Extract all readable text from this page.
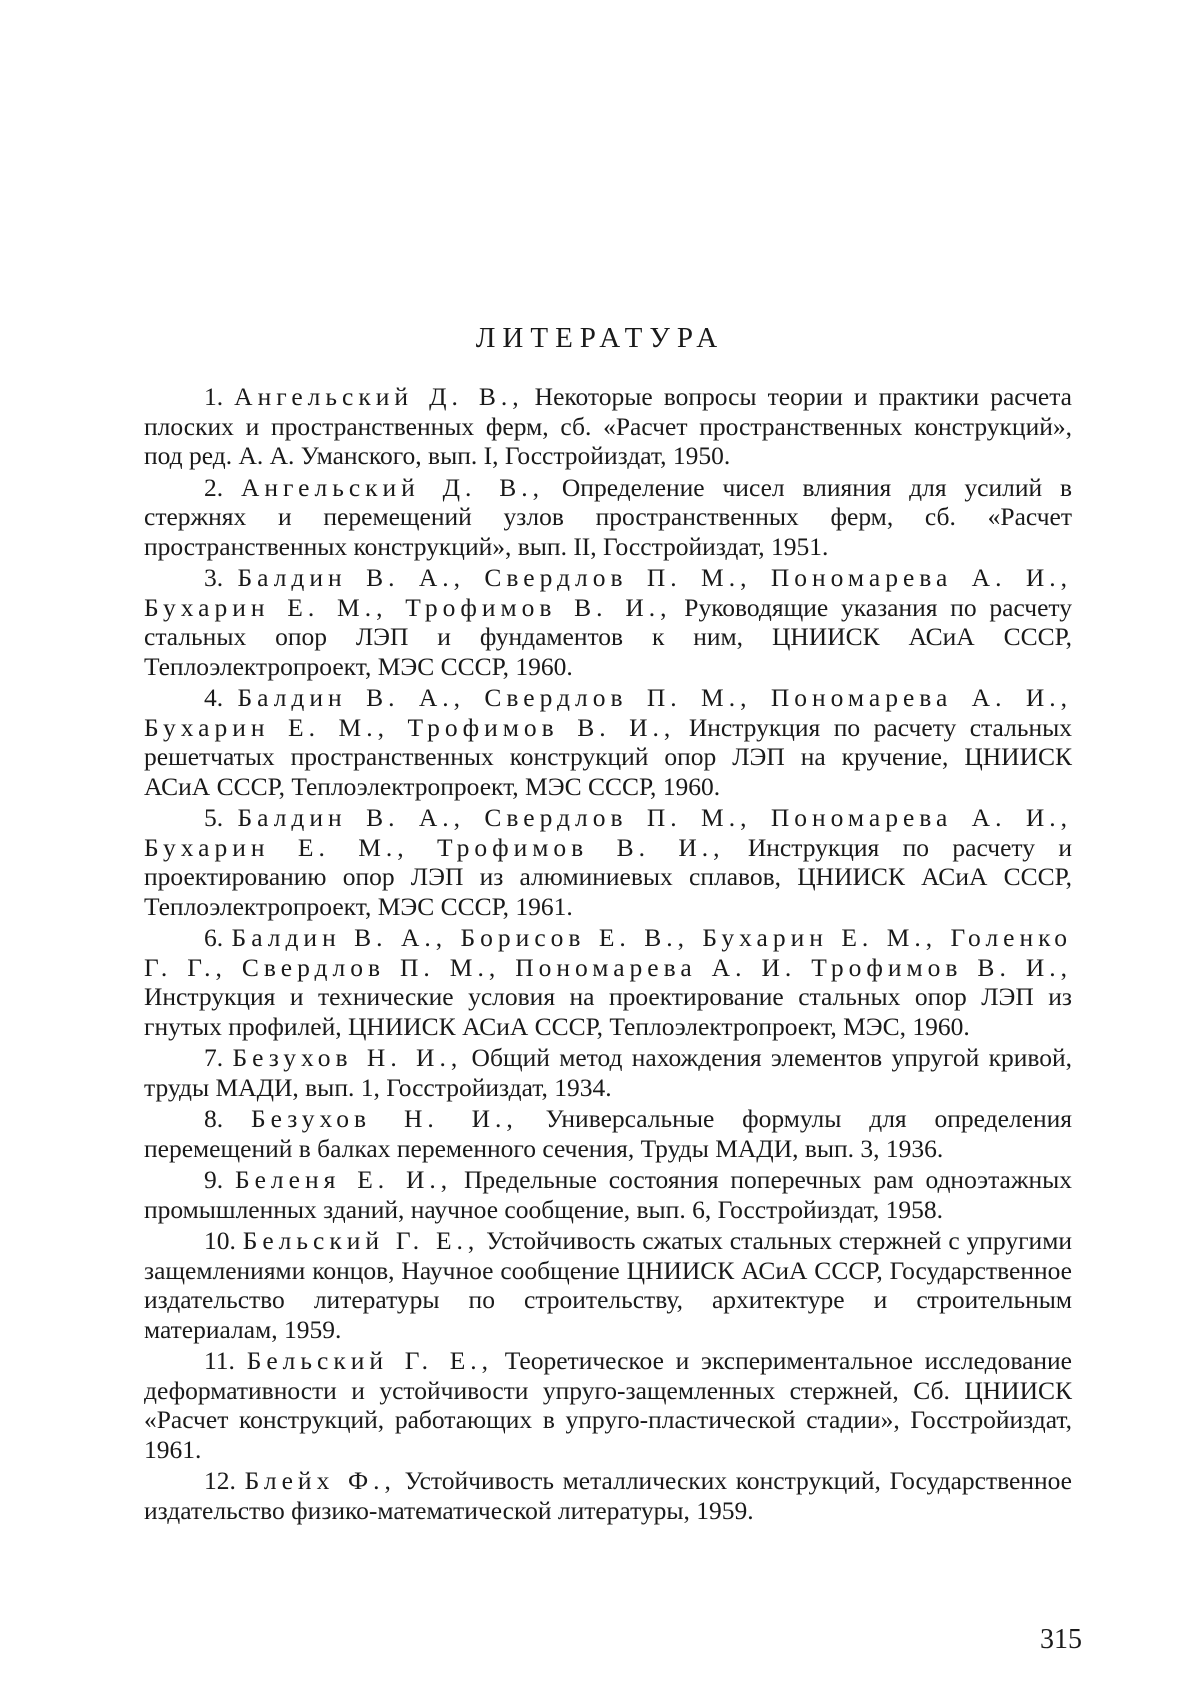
ЛИТЕРАТУРА
1. Ангельский Д. В., Некоторые вопросы теории и практики расчета плоских и пространственных ферм, сб. «Расчет пространственных конструкций», под ред. А. А. Уманского, вып. I, Госстройиздат, 1950.
2. Ангельский Д. В., Определение чисел влияния для усилий в стержнях и перемещений узлов пространственных ферм, сб. «Расчет пространственных конструкций», вып. II, Госстройиздат, 1951.
3. Балдин В. А., Свердлов П. М., Пономарева А. И., Бухарин Е. М., Трофимов В. И., Руководящие указания по расчету стальных опор ЛЭП и фундаментов к ним, ЦНИИСК АСиА СССР, Теплоэлектропроект, МЭС СССР, 1960.
4. Балдин В. А., Свердлов П. М., Пономарева А. И., Бухарин Е. М., Трофимов В. И., Инструкция по расчету стальных решетчатых пространственных конструкций опор ЛЭП на кручение, ЦНИИСК АСиА СССР, Теплоэлектропроект, МЭС СССР, 1960.
5. Балдин В. А., Свердлов П. М., Пономарева А. И., Бухарин Е. М., Трофимов В. И., Инструкция по расчету и проектированию опор ЛЭП из алюминиевых сплавов, ЦНИИСК АСиА СССР, Теплоэлектропроект, МЭС СССР, 1961.
6. Балдин В. А., Борисов Е. В., Бухарин Е. М., Голенко Г. Г., Свердлов П. М., Пономарева А. И. Трофимов В. И., Инструкция и технические условия на проектирование стальных опор ЛЭП из гнутых профилей, ЦНИИСК АСиА СССР, Теплоэлектропроект, МЭС, 1960.
7. Безухов Н. И., Общий метод нахождения элементов упругой кривой, труды МАДИ, вып. 1, Госстройиздат, 1934.
8. Безухов Н. И., Универсальные формулы для определения перемещений в балках переменного сечения, Труды МАДИ, вып. 3, 1936.
9. Беленя Е. И., Предельные состояния поперечных рам одноэтажных промышленных зданий, научное сообщение, вып. 6, Госстройиздат, 1958.
10. Бельский Г. Е., Устойчивость сжатых стальных стержней с упругими защемлениями концов, Научное сообщение ЦНИИСК АСиА СССР, Государственное издательство литературы по строительству, архитектуре и строительным материалам, 1959.
11. Бельский Г. Е., Теоретическое и экспериментальное исследование деформативности и устойчивости упруго-защемленных стержней, Сб. ЦНИИСК «Расчет конструкций, работающих в упруго-пластической стадии», Госстройиздат, 1961.
12. Блейх Ф., Устойчивость металлических конструкций, Государственное издательство физико-математической литературы, 1959.

315
